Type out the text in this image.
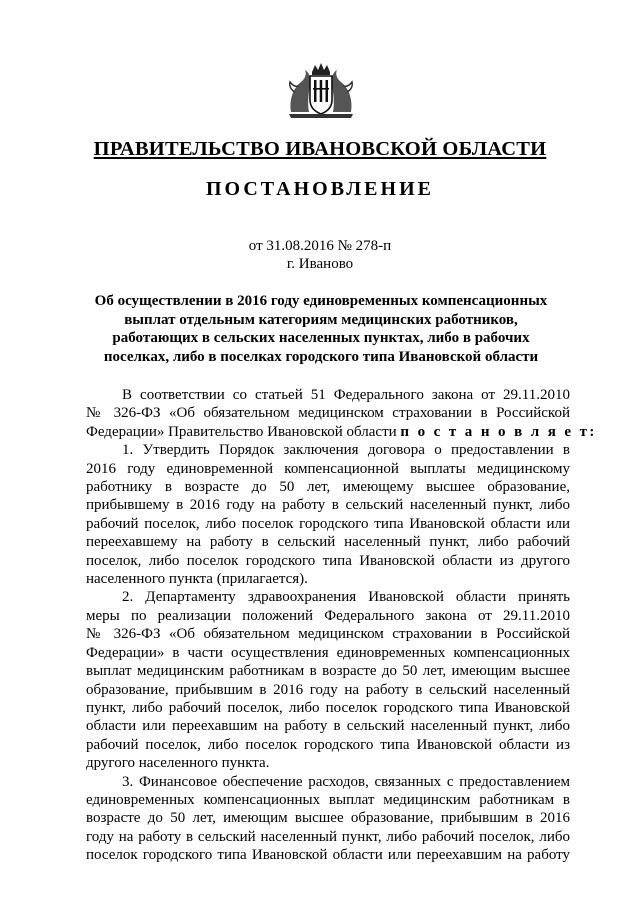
ПРАВИТЕЛЬСТВО ИВАНОВСКОЙ ОБЛАСТИ
ПОСТАНОВЛЕНИЕ
от 31.08.2016 № 278-п
г. Иваново
Об осуществлении в 2016 году единовременных компенсационных
выплат отдельным категориям медицинских работников,
работающих в сельских населенных пунктах, либо в рабочих
поселках, либо в поселках городского типа Ивановской области
В соответствии со статьей 51 Федерального закона от 29.11.2010
№ 326-ФЗ «Об обязательном медицинском страховании в Российской
Федерации» Правительство Ивановской области п о с т а н о в л я е т:
1. Утвердить Порядок заключения договора о предоставлении в
2016 году единовременной компенсационной выплаты медицинскому
работнику в возрасте до 50 лет, имеющему высшее образование,
прибывшему в 2016 году на работу в сельский населенный пункт, либо
рабочий поселок, либо поселок городского типа Ивановской области или
переехавшему на работу в сельский населенный пункт, либо рабочий
поселок, либо поселок городского типа Ивановской области из другого
населенного пункта (прилагается).
2. Департаменту здравоохранения Ивановской области принять
меры по реализации положений Федерального закона от 29.11.2010
№ 326-ФЗ «Об обязательном медицинском страховании в Российской
Федерации» в части осуществления единовременных компенсационных
выплат медицинским работникам в возрасте до 50 лет, имеющим высшее
образование, прибывшим в 2016 году на работу в сельский населенный
пункт, либо рабочий поселок, либо поселок городского типа Ивановской
области или переехавшим на работу в сельский населенный пункт, либо
рабочий поселок, либо поселок городского типа Ивановской области из
другого населенного пункта.
3. Финансовое обеспечение расходов, связанных с предоставлением
единовременных компенсационных выплат медицинским работникам в
возрасте до 50 лет, имеющим высшее образование, прибывшим в 2016
году на работу в сельский населенный пункт, либо рабочий поселок, либо
поселок городского типа Ивановской области или переехавшим на работу
